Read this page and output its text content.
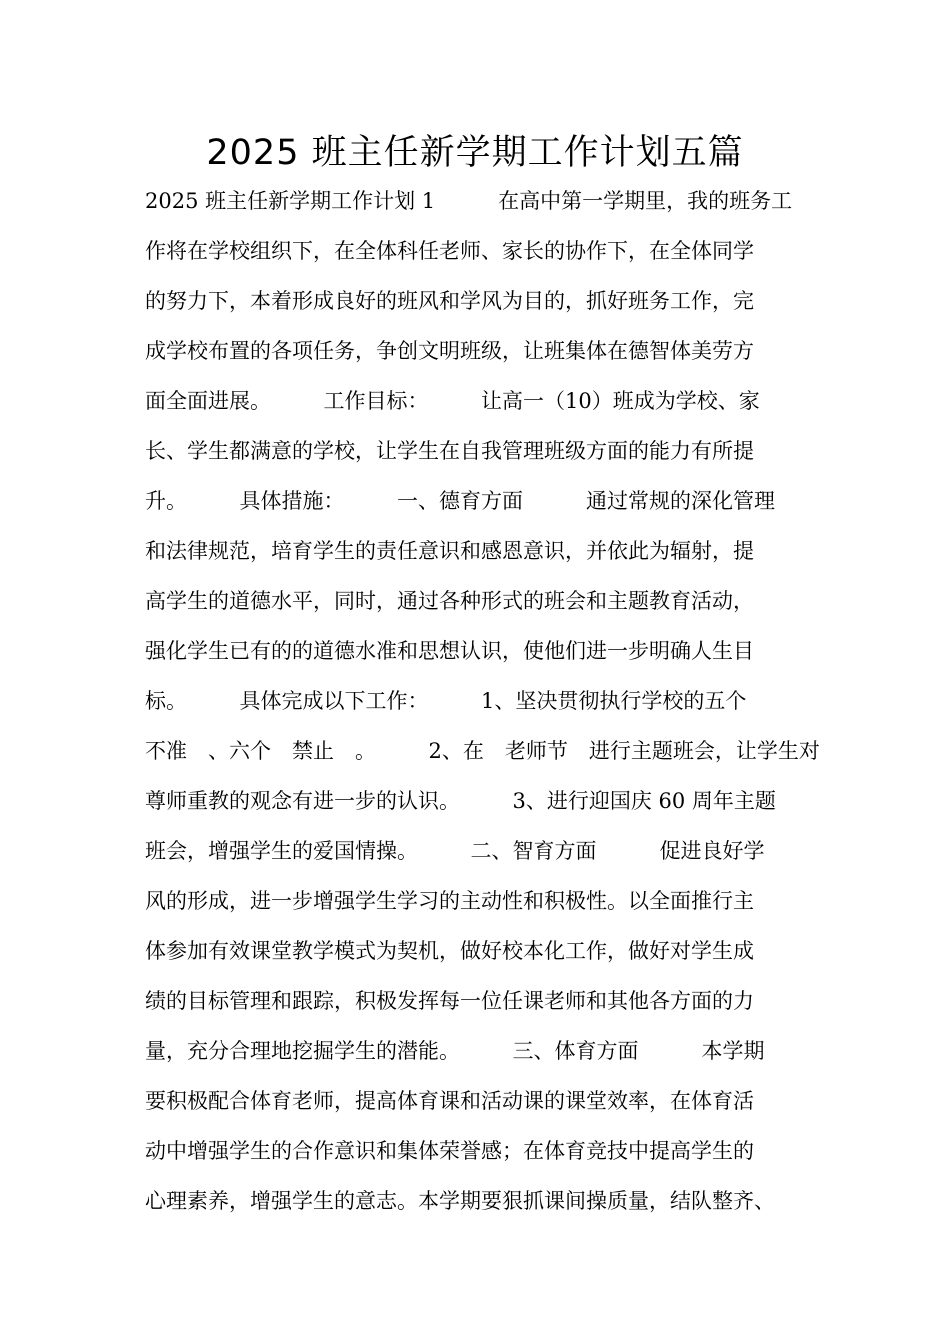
2025 班主任新学期工作计划五篇
2025 班主任新学期工作计划 1　　　在高中第一学期里，我的班务工
作将在学校组织下，在全体科任老师、家长的协作下，在全体同学
的努力下，本着形成良好的班风和学风为目的，抓好班务工作，完
成学校布置的各项任务，争创文明班级，让班集体在德智体美劳方
面全面进展。　　　工作目标：　　　让高一（10）班成为学校、家
长、学生都满意的学校，让学生在自我管理班级方面的能力有所提
升。　　　具体措施：　　　一、德育方面　　　通过常规的深化管理
和法律规范，培育学生的责任意识和感恩意识，并依此为辐射，提
高学生的道德水平，同时，通过各种形式的班会和主题教育活动，
强化学生已有的的道德水准和思想认识，使他们进一步明确人生目
标。　　　具体完成以下工作：　　　1、坚决贯彻执行学校的五个
不准　、六个　禁止　。　　　2、在　老师节　进行主题班会，让学生对
尊师重教的观念有进一步的认识。　　　3、进行迎国庆 60 周年主题
班会，增强学生的爱国情操。　　　二、智育方面　　　促进良好学
风的形成，进一步增强学生学习的主动性和积极性。以全面推行主
体参加有效课堂教学模式为契机，做好校本化工作，做好对学生成
绩的目标管理和跟踪，积极发挥每一位任课老师和其他各方面的力
量，充分合理地挖掘学生的潜能。　　　三、体育方面　　　本学期
要积极配合体育老师，提高体育课和活动课的课堂效率，在体育活
动中增强学生的合作意识和集体荣誉感；在体育竞技中提高学生的
心理素养，增强学生的意志。本学期要狠抓课间操质量，结队整齐、
